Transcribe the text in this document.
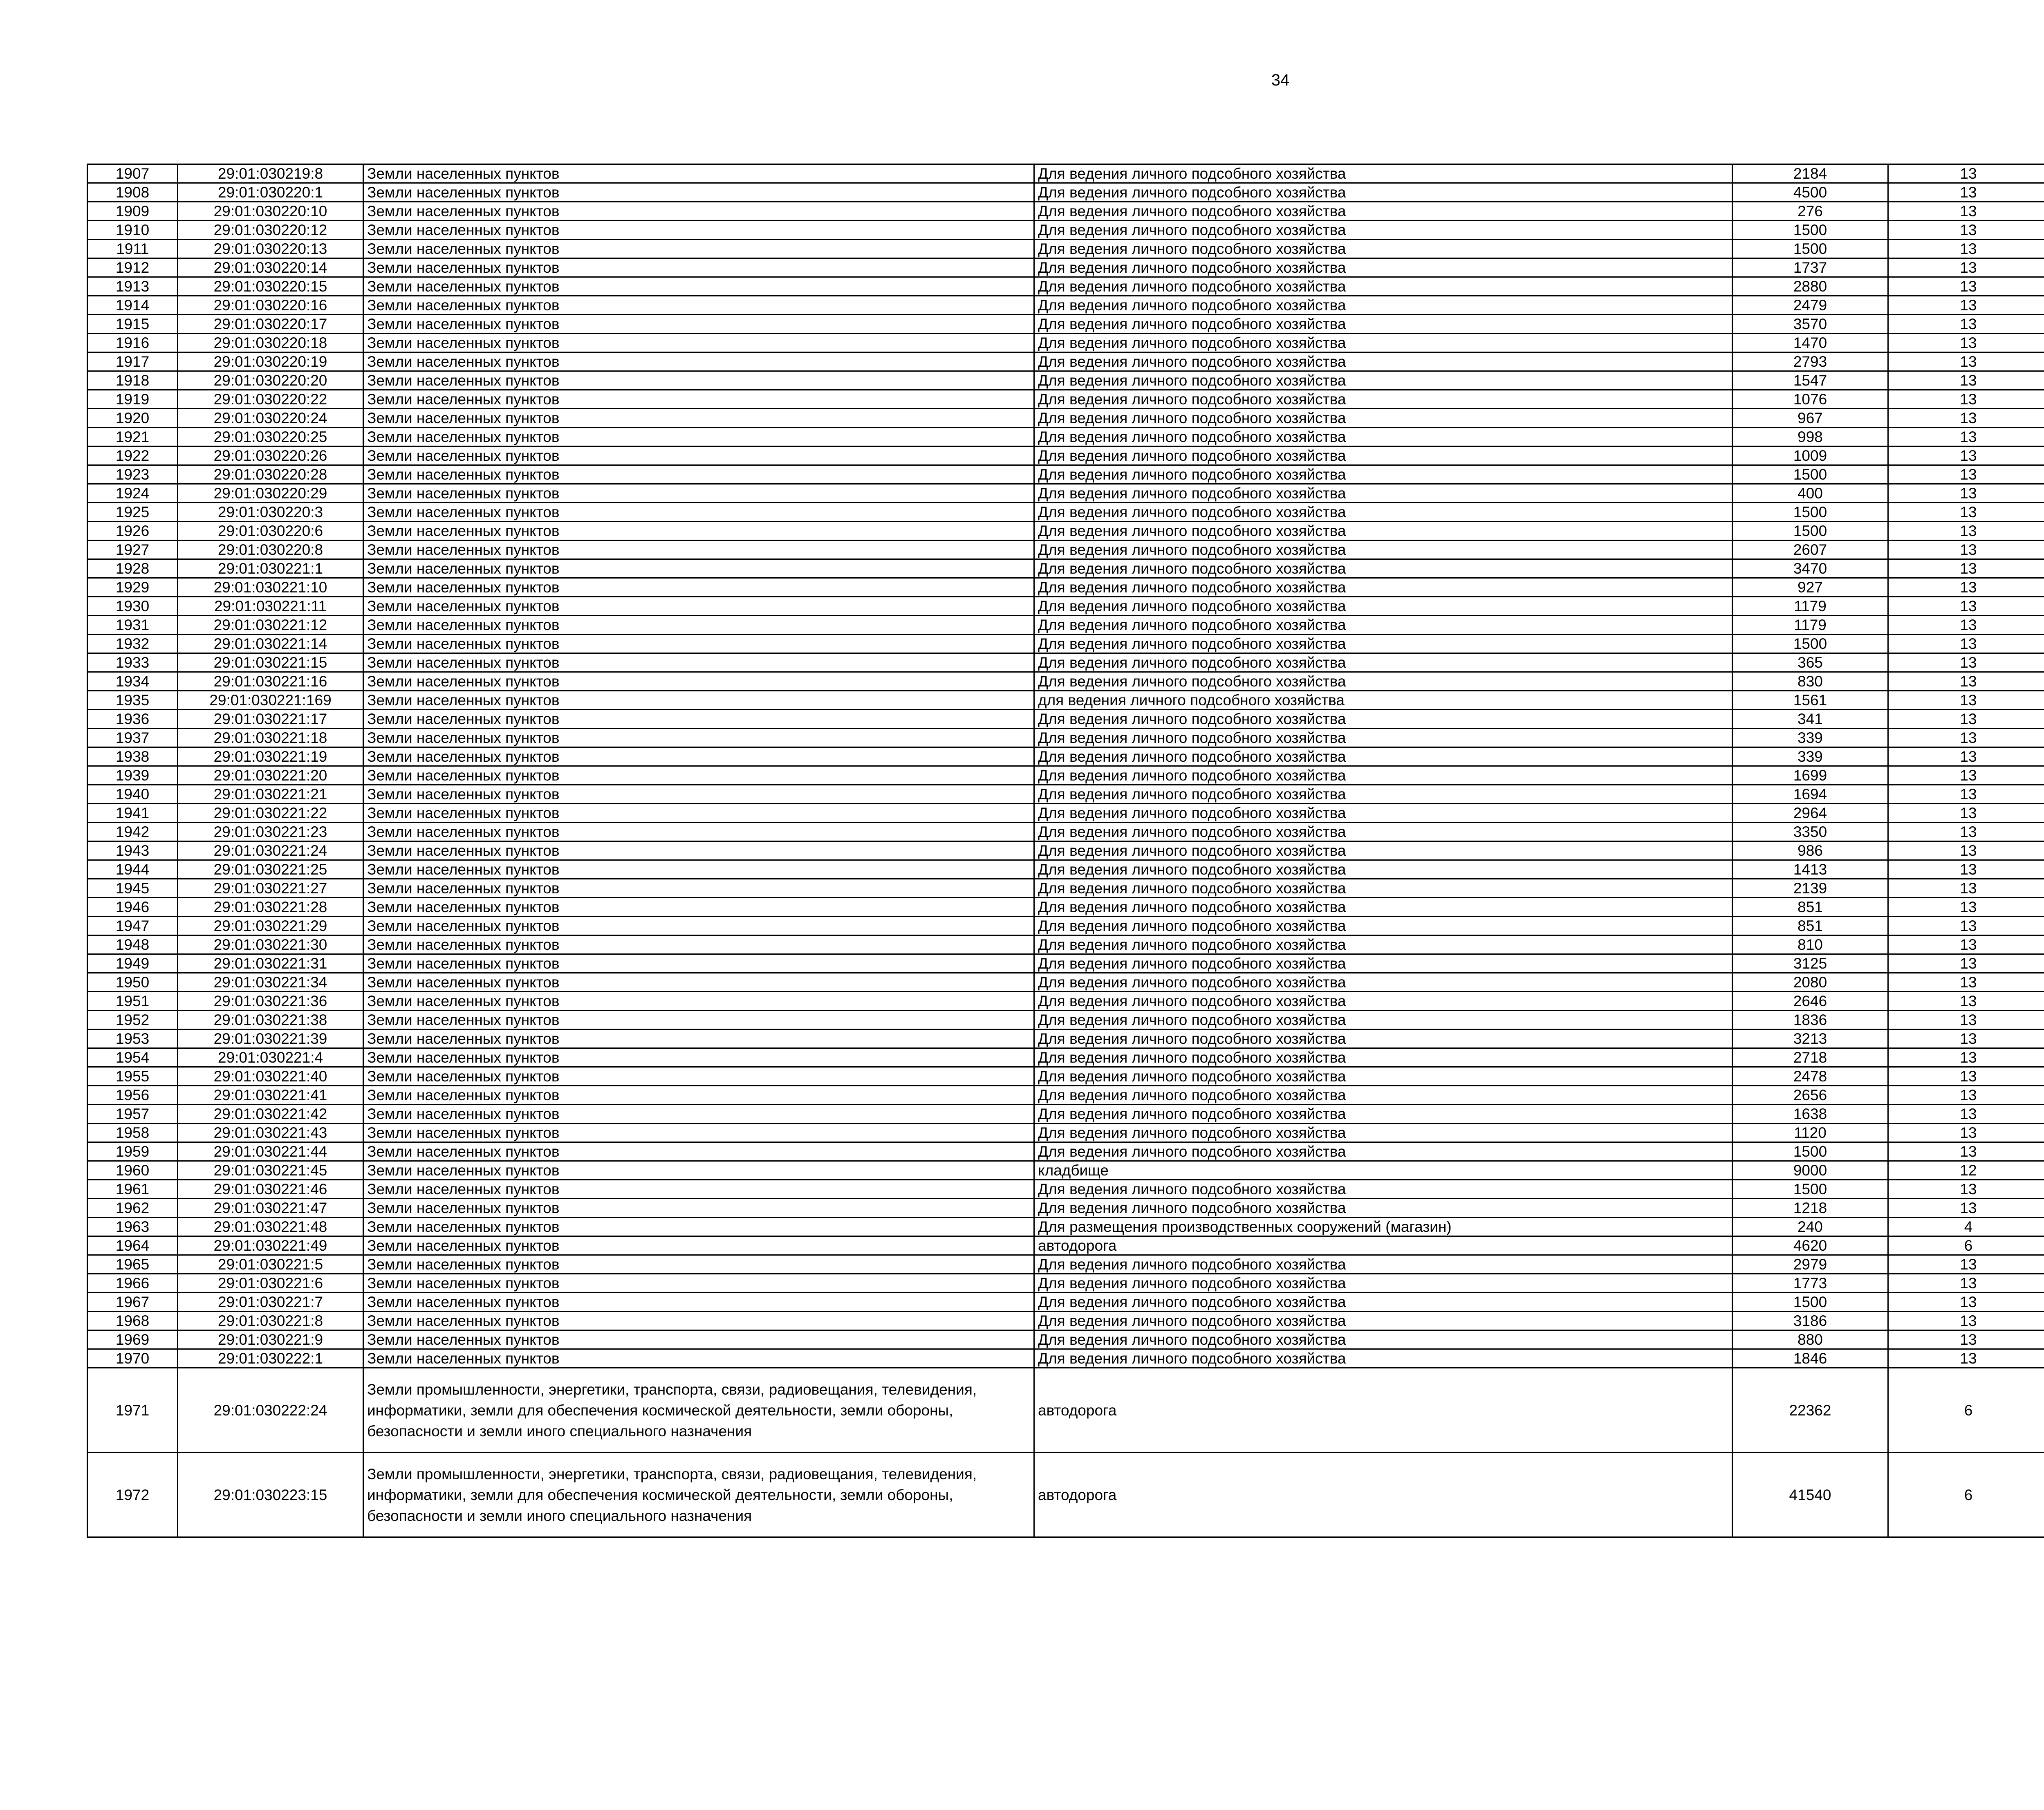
34
1907	29:01:030219:8	Земли населенных пунктов	Для ведения личного подсобного хозяйства	2184	13		
1908	29:01:030220:1	Земли населенных пунктов	Для ведения личного подсобного хозяйства	4500	13		
1909	29:01:030220:10	Земли населенных пунктов	Для ведения личного подсобного хозяйства	276	13		
1910	29:01:030220:12	Земли населенных пунктов	Для ведения личного подсобного хозяйства	1500	13		
1911	29:01:030220:13	Земли населенных пунктов	Для ведения личного подсобного хозяйства	1500	13		
1912	29:01:030220:14	Земли населенных пунктов	Для ведения личного подсобного хозяйства	1737	13		
1913	29:01:030220:15	Земли населенных пунктов	Для ведения личного подсобного хозяйства	2880	13		
1914	29:01:030220:16	Земли населенных пунктов	Для ведения личного подсобного хозяйства	2479	13		
1915	29:01:030220:17	Земли населенных пунктов	Для ведения личного подсобного хозяйства	3570	13		
1916	29:01:030220:18	Земли населенных пунктов	Для ведения личного подсобного хозяйства	1470	13		
1917	29:01:030220:19	Земли населенных пунктов	Для ведения личного подсобного хозяйства	2793	13		
1918	29:01:030220:20	Земли населенных пунктов	Для ведения личного подсобного хозяйства	1547	13		
1919	29:01:030220:22	Земли населенных пунктов	Для ведения личного подсобного хозяйства	1076	13		
1920	29:01:030220:24	Земли населенных пунктов	Для ведения личного подсобного хозяйства	967	13		
1921	29:01:030220:25	Земли населенных пунктов	Для ведения личного подсобного хозяйства	998	13		
1922	29:01:030220:26	Земли населенных пунктов	Для ведения личного подсобного хозяйства	1009	13		
1923	29:01:030220:28	Земли населенных пунктов	Для ведения личного подсобного хозяйства	1500	13		
1924	29:01:030220:29	Земли населенных пунктов	Для ведения личного подсобного хозяйства	400	13		
1925	29:01:030220:3	Земли населенных пунктов	Для ведения личного подсобного хозяйства	1500	13		
1926	29:01:030220:6	Земли населенных пунктов	Для ведения личного подсобного хозяйства	1500	13		
1927	29:01:030220:8	Земли населенных пунктов	Для ведения личного подсобного хозяйства	2607	13		
1928	29:01:030221:1	Земли населенных пунктов	Для ведения личного подсобного хозяйства	3470	13		
1929	29:01:030221:10	Земли населенных пунктов	Для ведения личного подсобного хозяйства	927	13		
1930	29:01:030221:11	Земли населенных пунктов	Для ведения личного подсобного хозяйства	1179	13		
1931	29:01:030221:12	Земли населенных пунктов	Для ведения личного подсобного хозяйства	1179	13		
1932	29:01:030221:14	Земли населенных пунктов	Для ведения личного подсобного хозяйства	1500	13		
1933	29:01:030221:15	Земли населенных пунктов	Для ведения личного подсобного хозяйства	365	13		
1934	29:01:030221:16	Земли населенных пунктов	Для ведения личного подсобного хозяйства	830	13		
1935	29:01:030221:169	Земли населенных пунктов	для ведения личного подсобного хозяйства	1561	13		
1936	29:01:030221:17	Земли населенных пунктов	Для ведения личного подсобного хозяйства	341	13		
1937	29:01:030221:18	Земли населенных пунктов	Для ведения личного подсобного хозяйства	339	13		
1938	29:01:030221:19	Земли населенных пунктов	Для ведения личного подсобного хозяйства	339	13		
1939	29:01:030221:20	Земли населенных пунктов	Для ведения личного подсобного хозяйства	1699	13		
1940	29:01:030221:21	Земли населенных пунктов	Для ведения личного подсобного хозяйства	1694	13		
1941	29:01:030221:22	Земли населенных пунктов	Для ведения личного подсобного хозяйства	2964	13		
1942	29:01:030221:23	Земли населенных пунктов	Для ведения личного подсобного хозяйства	3350	13		
1943	29:01:030221:24	Земли населенных пунктов	Для ведения личного подсобного хозяйства	986	13		
1944	29:01:030221:25	Земли населенных пунктов	Для ведения личного подсобного хозяйства	1413	13		
1945	29:01:030221:27	Земли населенных пунктов	Для ведения личного подсобного хозяйства	2139	13		
1946	29:01:030221:28	Земли населенных пунктов	Для ведения личного подсобного хозяйства	851	13		
1947	29:01:030221:29	Земли населенных пунктов	Для ведения личного подсобного хозяйства	851	13		
1948	29:01:030221:30	Земли населенных пунктов	Для ведения личного подсобного хозяйства	810	13		
1949	29:01:030221:31	Земли населенных пунктов	Для ведения личного подсобного хозяйства	3125	13		
1950	29:01:030221:34	Земли населенных пунктов	Для ведения личного подсобного хозяйства	2080	13		
1951	29:01:030221:36	Земли населенных пунктов	Для ведения личного подсобного хозяйства	2646	13		
1952	29:01:030221:38	Земли населенных пунктов	Для ведения личного подсобного хозяйства	1836	13		
1953	29:01:030221:39	Земли населенных пунктов	Для ведения личного подсобного хозяйства	3213	13		
1954	29:01:030221:4	Земли населенных пунктов	Для ведения личного подсобного хозяйства	2718	13		
1955	29:01:030221:40	Земли населенных пунктов	Для ведения личного подсобного хозяйства	2478	13		
1956	29:01:030221:41	Земли населенных пунктов	Для ведения личного подсобного хозяйства	2656	13		
1957	29:01:030221:42	Земли населенных пунктов	Для ведения личного подсобного хозяйства	1638	13		
1958	29:01:030221:43	Земли населенных пунктов	Для ведения личного подсобного хозяйства	1120	13		
1959	29:01:030221:44	Земли населенных пунктов	Для ведения личного подсобного хозяйства	1500	13		
1960	29:01:030221:45	Земли населенных пунктов	кладбище	9000	12		
1961	29:01:030221:46	Земли населенных пунктов	Для ведения личного подсобного хозяйства	1500	13		
1962	29:01:030221:47	Земли населенных пунктов	Для ведения личного подсобного хозяйства	1218	13		
1963	29:01:030221:48	Земли населенных пунктов	Для размещения производственных сооружений (магазин)	240	4		
1964	29:01:030221:49	Земли населенных пунктов	автодорога	4620	6		
1965	29:01:030221:5	Земли населенных пунктов	Для ведения личного подсобного хозяйства	2979	13		
1966	29:01:030221:6	Земли населенных пунктов	Для ведения личного подсобного хозяйства	1773	13		
1967	29:01:030221:7	Земли населенных пунктов	Для ведения личного подсобного хозяйства	1500	13		
1968	29:01:030221:8	Земли населенных пунктов	Для ведения личного подсобного хозяйства	3186	13		
1969	29:01:030221:9	Земли населенных пунктов	Для ведения личного подсобного хозяйства	880	13		
1970	29:01:030222:1	Земли населенных пунктов	Для ведения личного подсобного хозяйства	1846	13		
1971	29:01:030222:24	Земли промышленности, энергетики, транспорта, связи, радиовещания, телевидения, информатики, земли для обеспечения космической деятельности, земли обороны, безопасности и земли иного специального назначения	автодорога	22362	6		
1972	29:01:030223:15	Земли промышленности, энергетики, транспорта, связи, радиовещания, телевидения, информатики, земли для обеспечения космической деятельности, земли обороны, безопасности и земли иного специального назначения	автодорога	41540	6		
